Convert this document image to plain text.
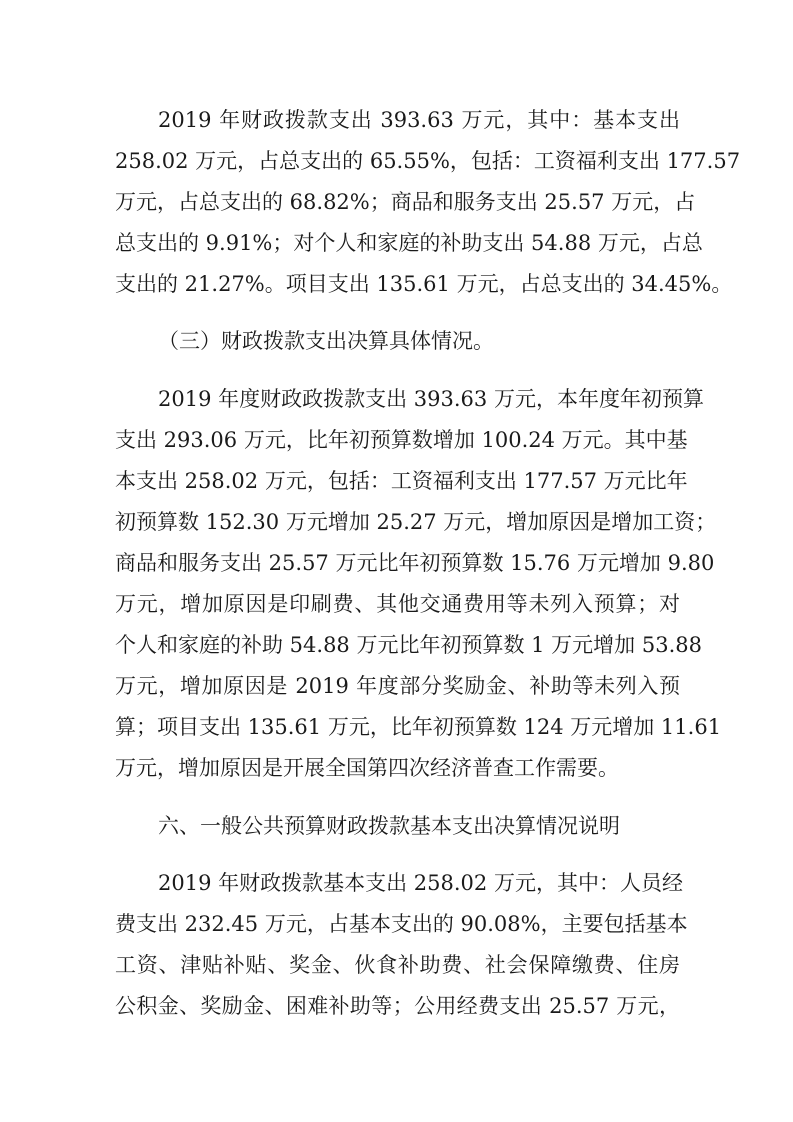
2019 年财政拨款支出 393.63 万元，其中：基本支出
258.02 万元，占总支出的 65.55%，包括：工资福利支出 177.57
万元，占总支出的 68.82%；商品和服务支出 25.57 万元，占
总支出的 9.91%；对个人和家庭的补助支出 54.88 万元，占总
支出的 21.27%。项目支出 135.61 万元，占总支出的 34.45%。
（三）财政拨款支出决算具体情况。
2019 年度财政政拨款支出 393.63 万元，本年度年初预算
支出 293.06 万元，比年初预算数增加 100.24 万元。其中基
本支出 258.02 万元，包括：工资福利支出 177.57 万元比年
初预算数 152.30 万元增加 25.27 万元，增加原因是增加工资；
商品和服务支出 25.57 万元比年初预算数 15.76 万元增加 9.80
万元，增加原因是印刷费、其他交通费用等未列入预算；对
个人和家庭的补助 54.88 万元比年初预算数 1 万元增加 53.88
万元，增加原因是 2019 年度部分奖励金、补助等未列入预
算；项目支出 135.61 万元，比年初预算数 124 万元增加 11.61
万元，增加原因是开展全国第四次经济普查工作需要。
六、一般公共预算财政拨款基本支出决算情况说明
2019 年财政拨款基本支出 258.02 万元，其中：人员经
费支出 232.45 万元，占基本支出的 90.08%，主要包括基本
工资、津贴补贴、奖金、伙食补助费、社会保障缴费、住房
公积金、奖励金、困难补助等；公用经费支出 25.57 万元，
